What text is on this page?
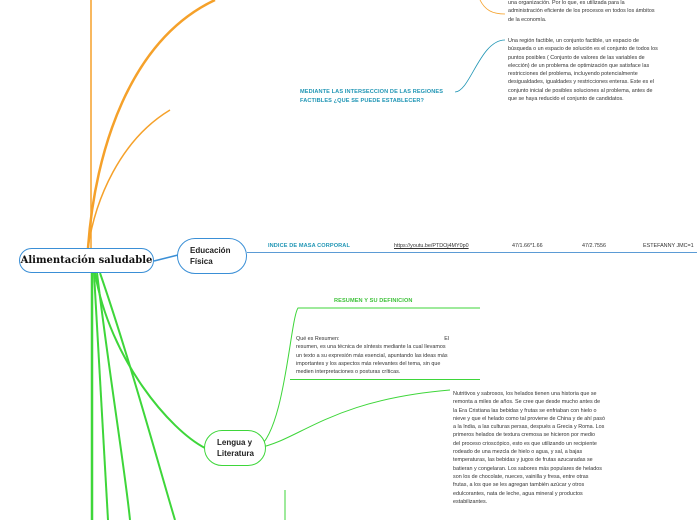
Alimentación saludable
Educación
Física
INDICE DE MASA CORPORAL	https://youtu.be/PTDOj4MY0p0	47/1.66*1.66	47/2.7556	ESTEFANNY JMC=1
una organización. Por lo que, es utilizada para la
administración eficiente de los procesos en todos los ámbitos
de la economía.
MEDIANTE LAS INTERSECCION DE LAS REGIONES
FACTIBLES ¿QUE SE PUEDE ESTABLECER?
Una región factible, un conjunto factible, un espacio de
búsqueda o un espacio de solución es el conjunto de todos los
puntos posibles ( Conjunto de valores de las variables de
elección) de un problema de optimización que satisface las
restricciones del problema, incluyendo potencialmente
desigualdades, igualdades y restricciones enteras. Este es el
conjunto inicial de posibles soluciones al problema, antes de
que se haya reducido el conjunto de candidatos.
Lengua y
Literatura
RESUMEN Y SU DEFINICION
Qué es Resumen:                                                                      El
resumen, es una técnica de síntesis mediante la cual llevamos
un texto a su expresión más esencial, apuntando las ideas más
importantes y los aspectos más relevantes del tema, sin que
medien interpretaciones o posturas críticas.
Nutritivos y sabrosos, los helados tienen una historia que se
remonta a miles de años. Se cree que desde mucho antes de
la Era Cristiana las bebidas y frutas se enfriaban con hielo o
nieve y que el helado como tal proviene de China y de ahí pasó
a la India, a las culturas persas, después a Grecia y Roma. Los
primeros helados de textura cremosa se hicieron por medio
del proceso crioscópico, esto es que utilizando un recipiente
rodeado de una mezcla de hielo o agua, y sal, a bajas
temperaturas, las bebidas y jugos de frutas azucaradas se
batieran y congelaran. Los sabores más populares de helados
son los de chocolate, nueces, vainilla y fresa, entre otras
frutas, a los que se les agregan también azúcar y otros
edulcorantes, nata de leche, agua mineral y productos
estabilizantes.
